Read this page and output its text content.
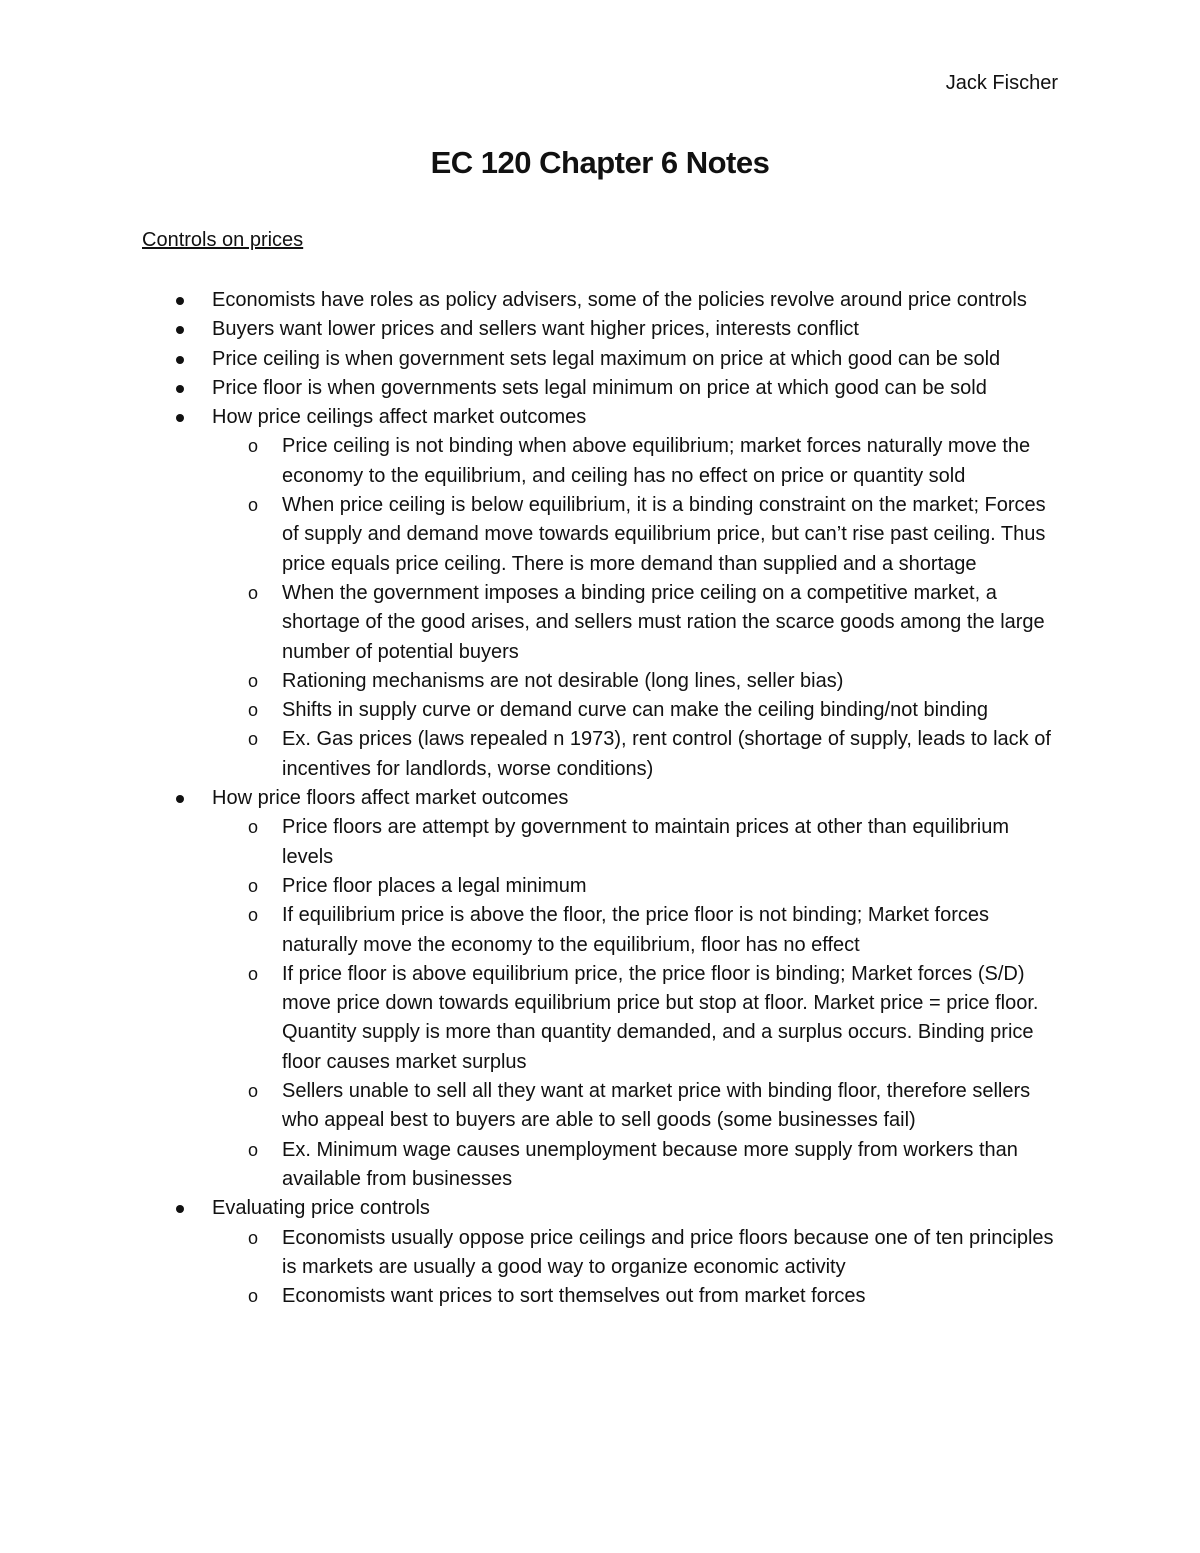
Jack Fischer
EC 120 Chapter 6 Notes
Controls on prices
Economists have roles as policy advisers, some of the policies revolve around price controls
Buyers want lower prices and sellers want higher prices, interests conflict
Price ceiling is when government sets legal maximum on price at which good can be sold
Price floor is when governments sets legal minimum on price at which good can be sold
How price ceilings affect market outcomes
o Price ceiling is not binding when above equilibrium; market forces naturally move the economy to the equilibrium, and ceiling has no effect on price or quantity sold
o When price ceiling is below equilibrium, it is a binding constraint on the market; Forces of supply and demand move towards equilibrium price, but can’t rise past ceiling. Thus price equals price ceiling. There is more demand than supplied and a shortage
o When the government imposes a binding price ceiling on a competitive market, a shortage of the good arises, and sellers must ration the scarce goods among the large number of potential buyers
o Rationing mechanisms are not desirable (long lines, seller bias)
o Shifts in supply curve or demand curve can make the ceiling binding/not binding
o Ex. Gas prices (laws repealed n 1973), rent control (shortage of supply, leads to lack of incentives for landlords, worse conditions)
How price floors affect market outcomes
o Price floors are attempt by government to maintain prices at other than equilibrium levels
o Price floor places a legal minimum
o If equilibrium price is above the floor, the price floor is not binding; Market forces naturally move the economy to the equilibrium, floor has no effect
o If price floor is above equilibrium price, the price floor is binding; Market forces (S/D) move price down towards equilibrium price but stop at floor. Market price = price floor. Quantity supply is more than quantity demanded, and a surplus occurs. Binding price floor causes market surplus
o Sellers unable to sell all they want at market price with binding floor, therefore sellers who appeal best to buyers are able to sell goods (some businesses fail)
o Ex. Minimum wage causes unemployment because more supply from workers than available from businesses
Evaluating price controls
o Economists usually oppose price ceilings and price floors because one of ten principles is markets are usually a good way to organize economic activity
o Economists want prices to sort themselves out from market forces
